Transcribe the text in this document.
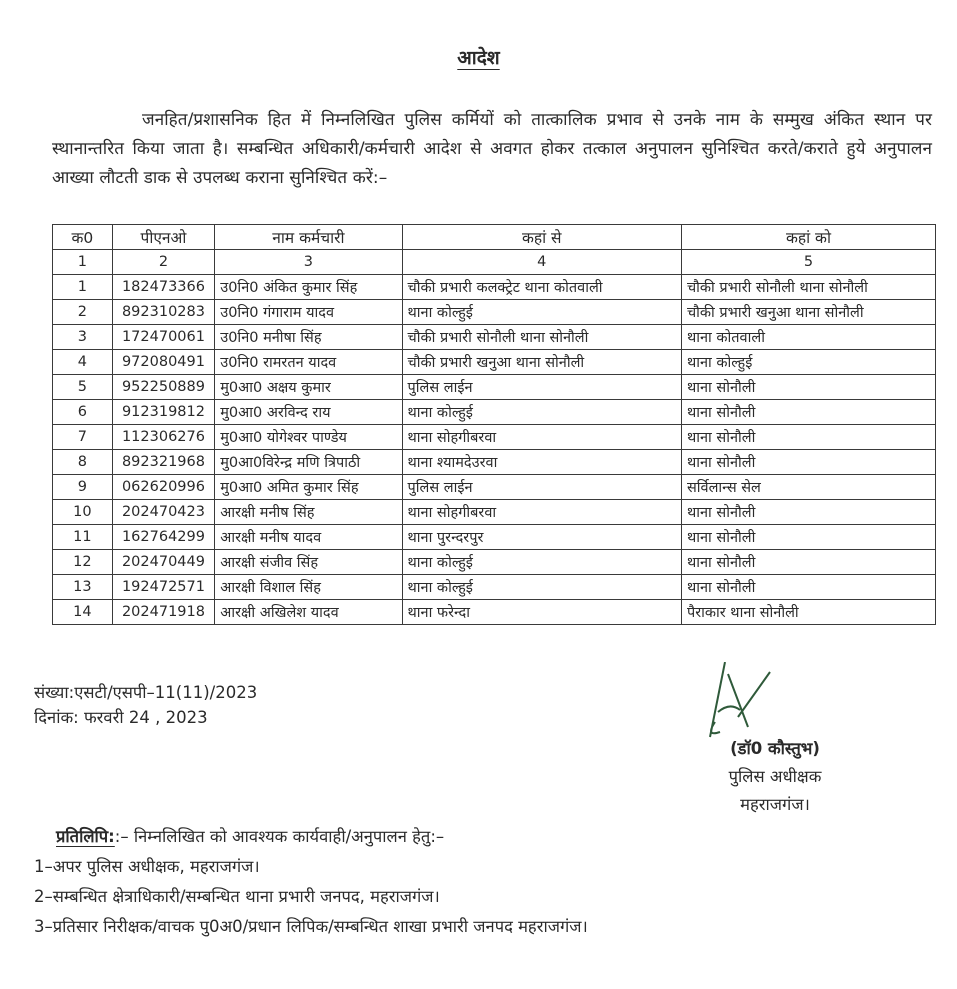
आदेश
जनहित/प्रशासनिक हित में निम्नलिखित पुलिस कर्मियों को तात्कालिक प्रभाव से उनके नाम के सम्मुख अंकित स्थान पर स्थानान्तरित किया जाता है। सम्बन्धित अधिकारी/कर्मचारी आदेश से अवगत होकर तत्काल अनुपालन सुनिश्चित करते/कराते हुये अनुपालन आख्या लौटती डाक से उपलब्ध कराना सुनिश्चित करें:–
क0	पीएनओ	नाम कर्मचारी	कहां से	कहां को
1	2	3	4	5
1	182473366	उ0नि0 अंकित कुमार सिंह	चौकी प्रभारी कलक्ट्रेट थाना कोतवाली	चौकी प्रभारी सोनौली थाना सोनौली
2	892310283	उ0नि0 गंगाराम यादव	थाना कोल्हुई	चौकी प्रभारी खनुआ थाना सोनौली
3	172470061	उ0नि0 मनीषा सिंह	चौकी प्रभारी सोनौली थाना सोनौली	थाना कोतवाली
4	972080491	उ0नि0 रामरतन यादव	चौकी प्रभारी खनुआ थाना सोनौली	थाना कोल्हुई
5	952250889	मु0आ0 अक्षय कुमार	पुलिस लाईन	थाना सोनौली
6	912319812	मु0आ0 अरविन्द राय	थाना कोल्हुई	थाना सोनौली
7	112306276	मु0आ0 योगेश्वर पाण्डेय	थाना सोहगीबरवा	थाना सोनौली
8	892321968	मु0आ0विरेन्द्र मणि त्रिपाठी	थाना श्यामदेउरवा	थाना सोनौली
9	062620996	मु0आ0 अमित कुमार सिंह	पुलिस लाईन	सर्विलान्स सेल
10	202470423	आरक्षी मनीष सिंह	थाना सोहगीबरवा	थाना सोनौली
11	162764299	आरक्षी मनीष यादव	थाना पुरन्दरपुर	थाना सोनौली
12	202470449	आरक्षी संजीव सिंह	थाना कोल्हुई	थाना सोनौली
13	192472571	आरक्षी विशाल सिंह	थाना कोल्हुई	थाना सोनौली
14	202471918	आरक्षी अखिलेश यादव	थाना फरेन्दा	पैराकार थाना सोनौली
संख्या:एसटी/एसपी–11(11)/2023
दिनांक: फरवरी 24 , 2023
(डॉ0 कौस्तुभ)
पुलिस अधीक्षक
महराजगंज।
प्रतिलिपि::– निम्नलिखित को आवश्यक कार्यवाही/अनुपालन हेतु:–
1–अपर पुलिस अधीक्षक, महराजगंज।
2–सम्बन्धित क्षेत्राधिकारी/सम्बन्धित थाना प्रभारी जनपद, महराजगंज।
3–प्रतिसार निरीक्षक/वाचक पु0अ0/प्रधान लिपिक/सम्बन्धित शाखा प्रभारी जनपद महराजगंज।
